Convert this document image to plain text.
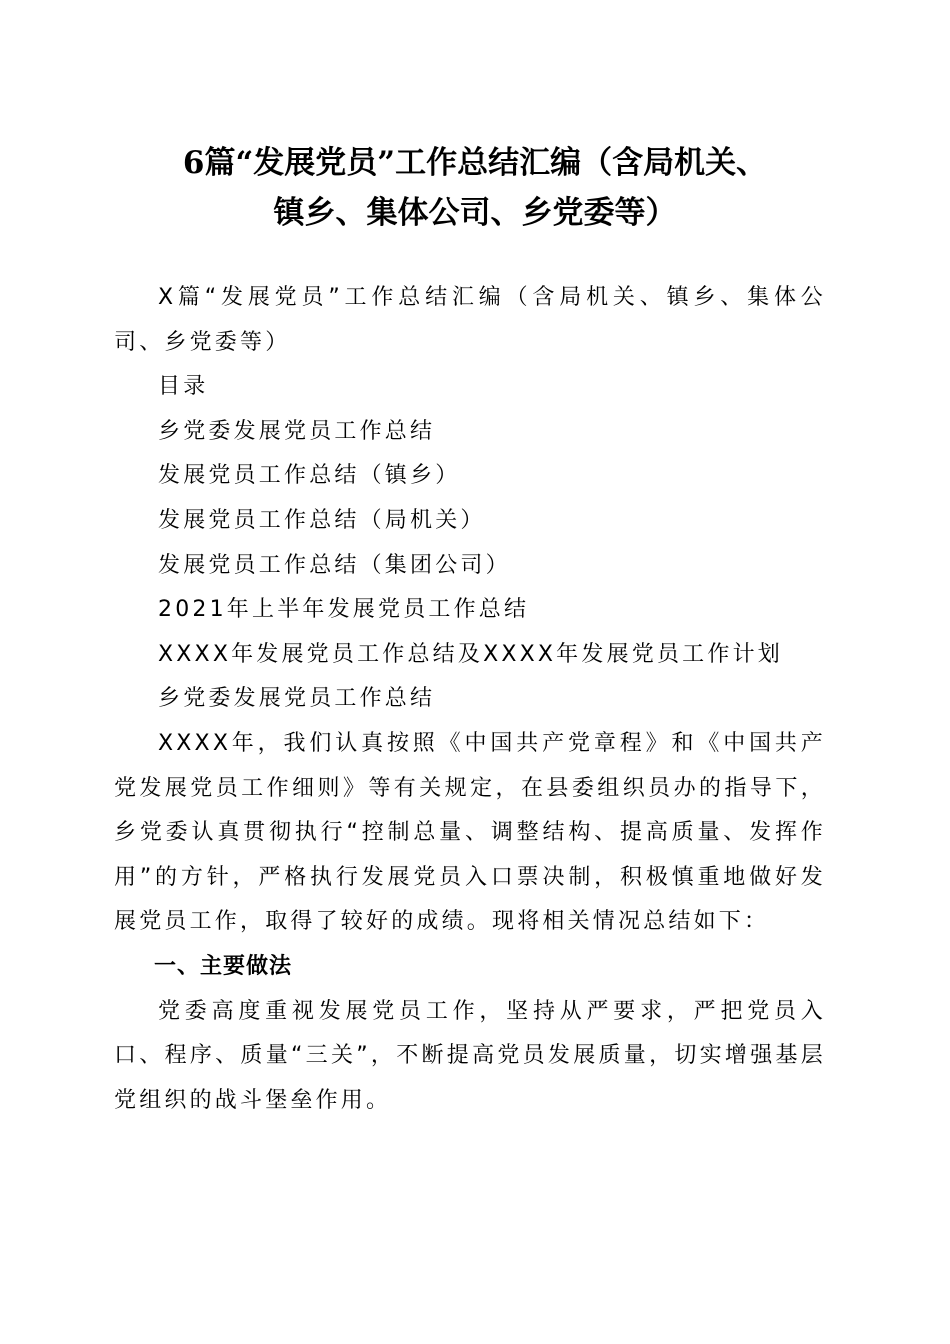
6篇“发展党员”工作总结汇编（含局机关、
镇乡、集体公司、乡党委等）

X篇“发展党员”工作总结汇编（含局机关、镇乡、集体公司、乡党委等）

目录

乡党委发展党员工作总结

发展党员工作总结（镇乡）

发展党员工作总结（局机关）

发展党员工作总结（集团公司）

2021年上半年发展党员工作总结

XXXX年发展党员工作总结及XXXX年发展党员工作计划

乡党委发展党员工作总结

XXXX年，我们认真按照《中国共产党章程》和《中国共产党发展党员工作细则》等有关规定，在县委组织员办的指导下，乡党委认真贯彻执行“控制总量、调整结构、提高质量、发挥作用”的方针，严格执行发展党员入口票决制，积极慎重地做好发展党员工作，取得了较好的成绩。现将相关情况总结如下：

一、主要做法

党委高度重视发展党员工作，坚持从严要求，严把党员入口、程序、质量“三关”，不断提高党员发展质量，切实增强基层党组织的战斗堡垒作用。
